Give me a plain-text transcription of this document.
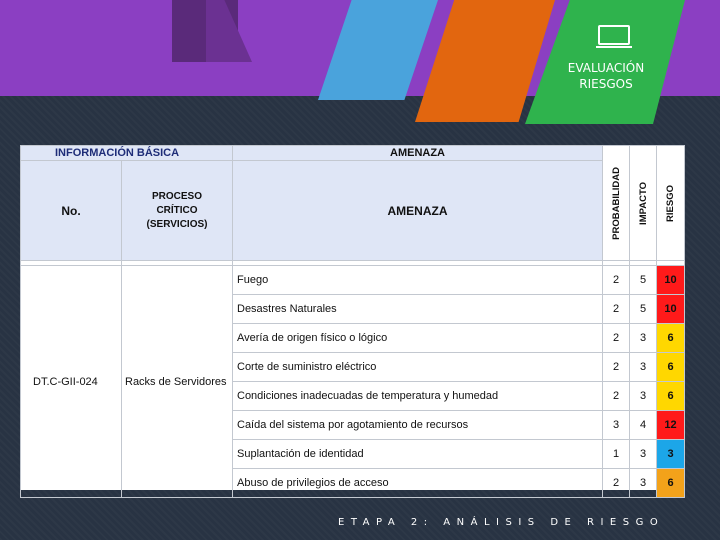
EVALUACIÓN
RIESGOS
INFORMACIÓN BÁSICA		AMENAZA	PROBABILIDAD	IMPACTO	RIESGO

No.	PROCESO
CRÍTICO
(SERVICIOS)	AMENAZA			

DT.C-GII-024	Racks de Servidores	Fuego	2	5	10
		Desastres Naturales	2	5	10
		Avería de origen físico o lógico	2	3	6
		Corte de suministro eléctrico	2	3	6
		Condiciones inadecuadas de temperatura y humedad	2	3	6
		Caída del sistema por agotamiento de recursos	3	4	12
		Suplantación de identidad	1	3	3
		Abuso de privilegios de acceso	2	3	6
ETAPA 2: ANÁLISIS DE RIESGO
